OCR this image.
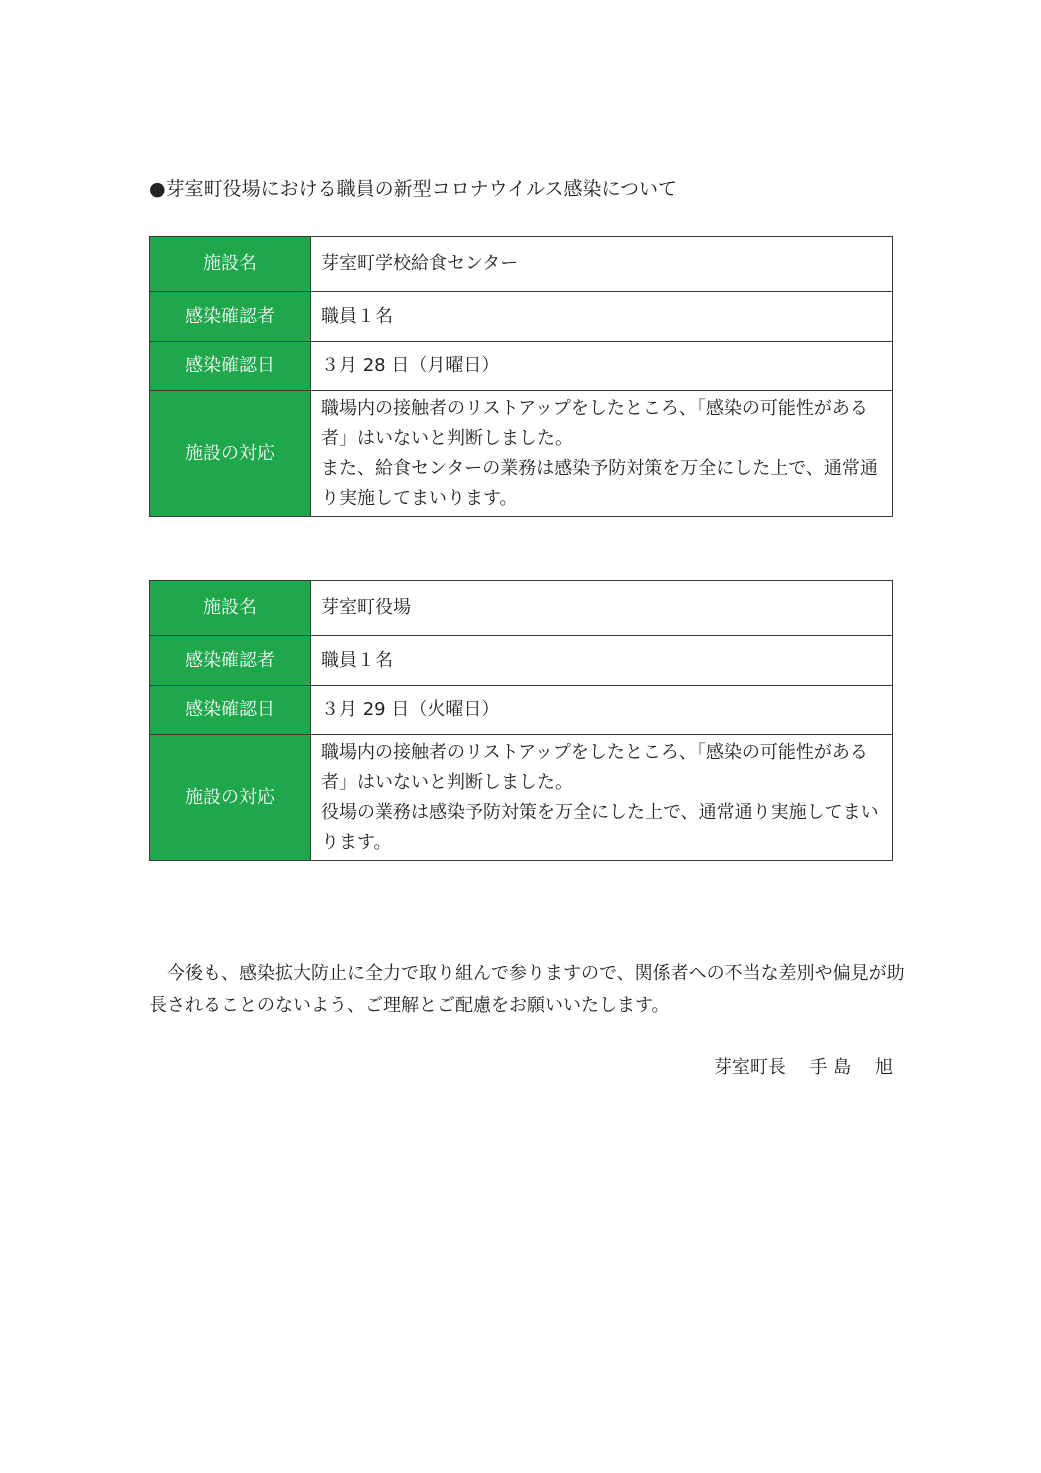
●芽室町役場における職員の新型コロナウイルス感染について
施設名	芽室町学校給食センター
感染確認者	職員１名
感染確認日	３月 28 日（月曜日）
施設の対応	職場内の接触者のリストアップをしたところ、「感染の可能性がある
者」はいないと判断しました。
また、給食センターの業務は感染予防対策を万全にした上で、通常通
り実施してまいります。
施設名	芽室町役場
感染確認者	職員１名
感染確認日	３月 29 日（火曜日）
施設の対応	職場内の接触者のリストアップをしたところ、「感染の可能性がある
者」はいないと判断しました。
役場の業務は感染予防対策を万全にした上で、通常通り実施してまい
ります。
　今後も、感染拡大防止に全力で取り組んで参りますので、関係者への不当な差別や偏見が助
長されることのないよう、ご理解とご配慮をお願いいたします。
芽室町長　 手 島　 旭
